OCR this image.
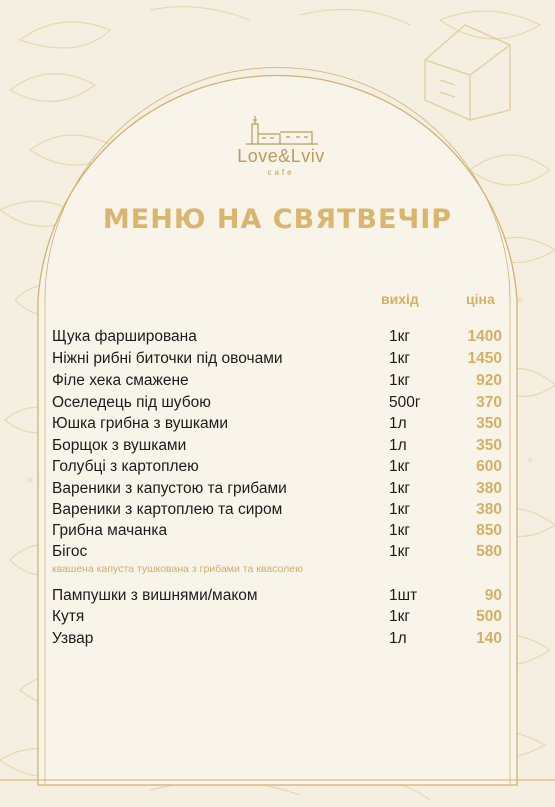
Love&Lviv
cafe
МЕНЮ НА СВЯТВЕЧІР
вихід	ціна
Щука фарширована	1кг	1400
Ніжні рибні биточки під овочами	1кг	1450
Філе хека смажене	1кг	920
Оселедець під шубою	500г	370
Юшка грибна з вушками	1л	350
Борщок з вушками	1л	350
Голубці з картоплею	1кг	600
Вареники з капустою та грибами	1кг	380
Вареники з картоплею та сиром	1кг	380
Грибна мачанка	1кг	850
Бігос	1кг	580
Пампушки з вишнями/маком	1шт	90
Кутя	1кг	500
Узвар	1л	140
квашена капуста тушкована з грибами та квасолею
